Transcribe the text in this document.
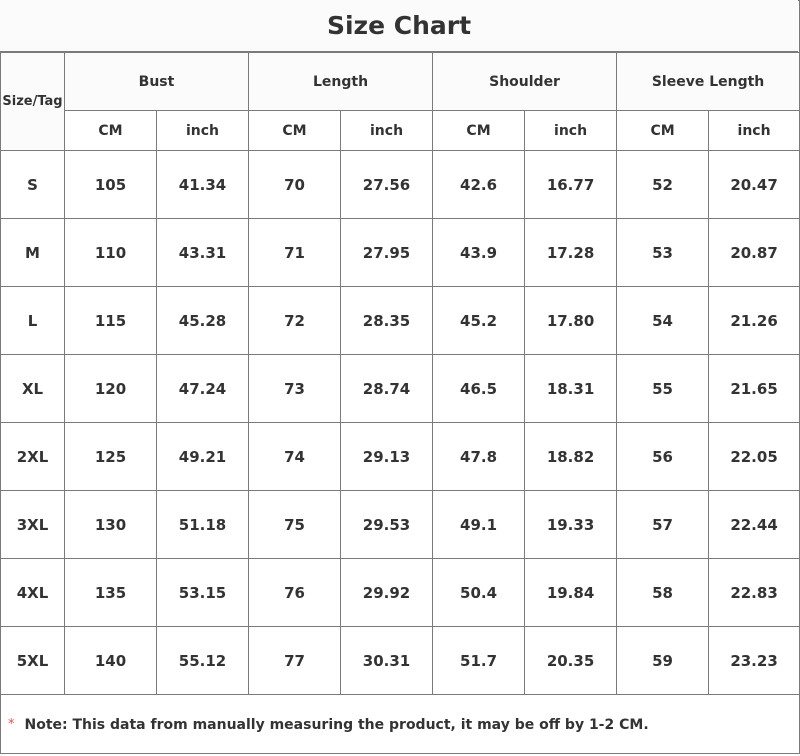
Size Chart
Size/Tag	Bust		Length		Shoulder		Sleeve Length	
	CM	inch	CM	inch	CM	inch	CM	inch
S	105	41.34	70	27.56	42.6	16.77	52	20.47
M	110	43.31	71	27.95	43.9	17.28	53	20.87
L	115	45.28	72	28.35	45.2	17.80	54	21.26
XL	120	47.24	73	28.74	46.5	18.31	55	21.65
2XL	125	49.21	74	29.13	47.8	18.82	56	22.05
3XL	130	51.18	75	29.53	49.1	19.33	57	22.44
4XL	135	53.15	76	29.92	50.4	19.84	58	22.83
5XL	140	55.12	77	30.31	51.7	20.35	59	23.23
* Note: This data from manually measuring the product, it may be off by 1-2 CM.
